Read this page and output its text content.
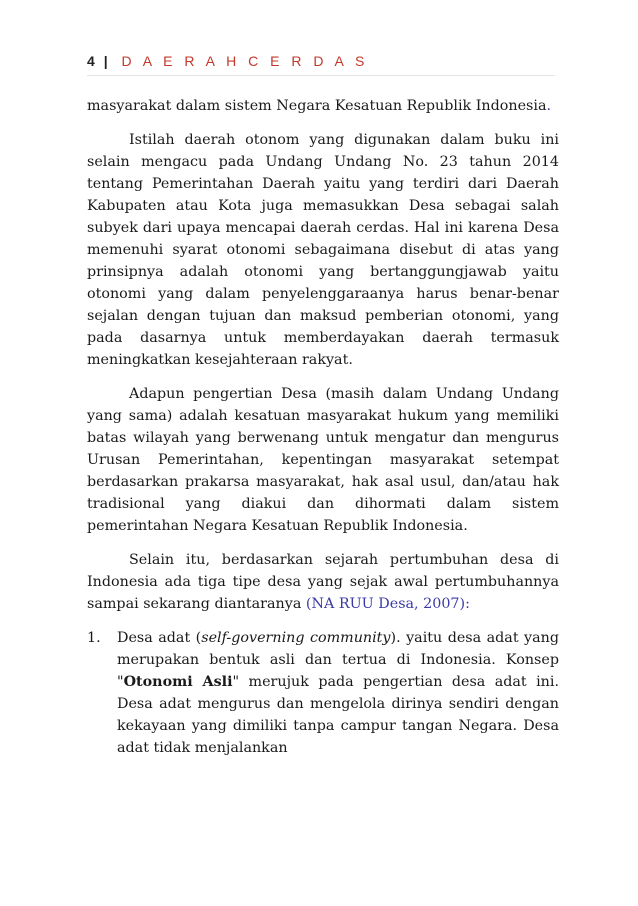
4 | D A E R A H C E R D A S

masyarakat dalam sistem Negara Kesatuan Republik Indonesia.

Istilah daerah otonom yang digunakan dalam buku ini selain mengacu pada Undang Undang No. 23 tahun 2014 tentang Pemerintahan Daerah yaitu yang terdiri dari Daerah Kabupaten atau Kota juga memasukkan Desa sebagai salah subyek dari upaya mencapai daerah cerdas. Hal ini karena Desa memenuhi syarat otonomi sebagaimana disebut di atas yang prinsipnya adalah otonomi yang bertanggungjawab yaitu otonomi yang dalam penyelenggaraanya harus benar-benar sejalan dengan tujuan dan maksud pemberian otonomi, yang pada dasarnya untuk memberdayakan daerah termasuk meningkatkan kesejahteraan rakyat.

Adapun pengertian Desa (masih dalam Undang Undang yang sama) adalah kesatuan masyarakat hukum yang memiliki batas wilayah yang berwenang untuk mengatur dan mengurus Urusan Pemerintahan, kepentingan masyarakat setempat berdasarkan prakarsa masyarakat, hak asal usul, dan/atau hak tradisional yang diakui dan dihormati dalam sistem pemerintahan Negara Kesatuan Republik Indonesia.

Selain itu, berdasarkan sejarah pertumbuhan desa di Indonesia ada tiga tipe desa yang sejak awal pertumbuhannya sampai sekarang diantaranya (NA RUU Desa, 2007):

1. Desa adat (self-governing community). yaitu desa adat yang merupakan bentuk asli dan tertua di Indonesia. Konsep "Otonomi Asli" merujuk pada pengertian desa adat ini. Desa adat mengurus dan mengelola dirinya sendiri dengan kekayaan yang dimiliki tanpa campur tangan Negara. Desa adat tidak menjalankan
